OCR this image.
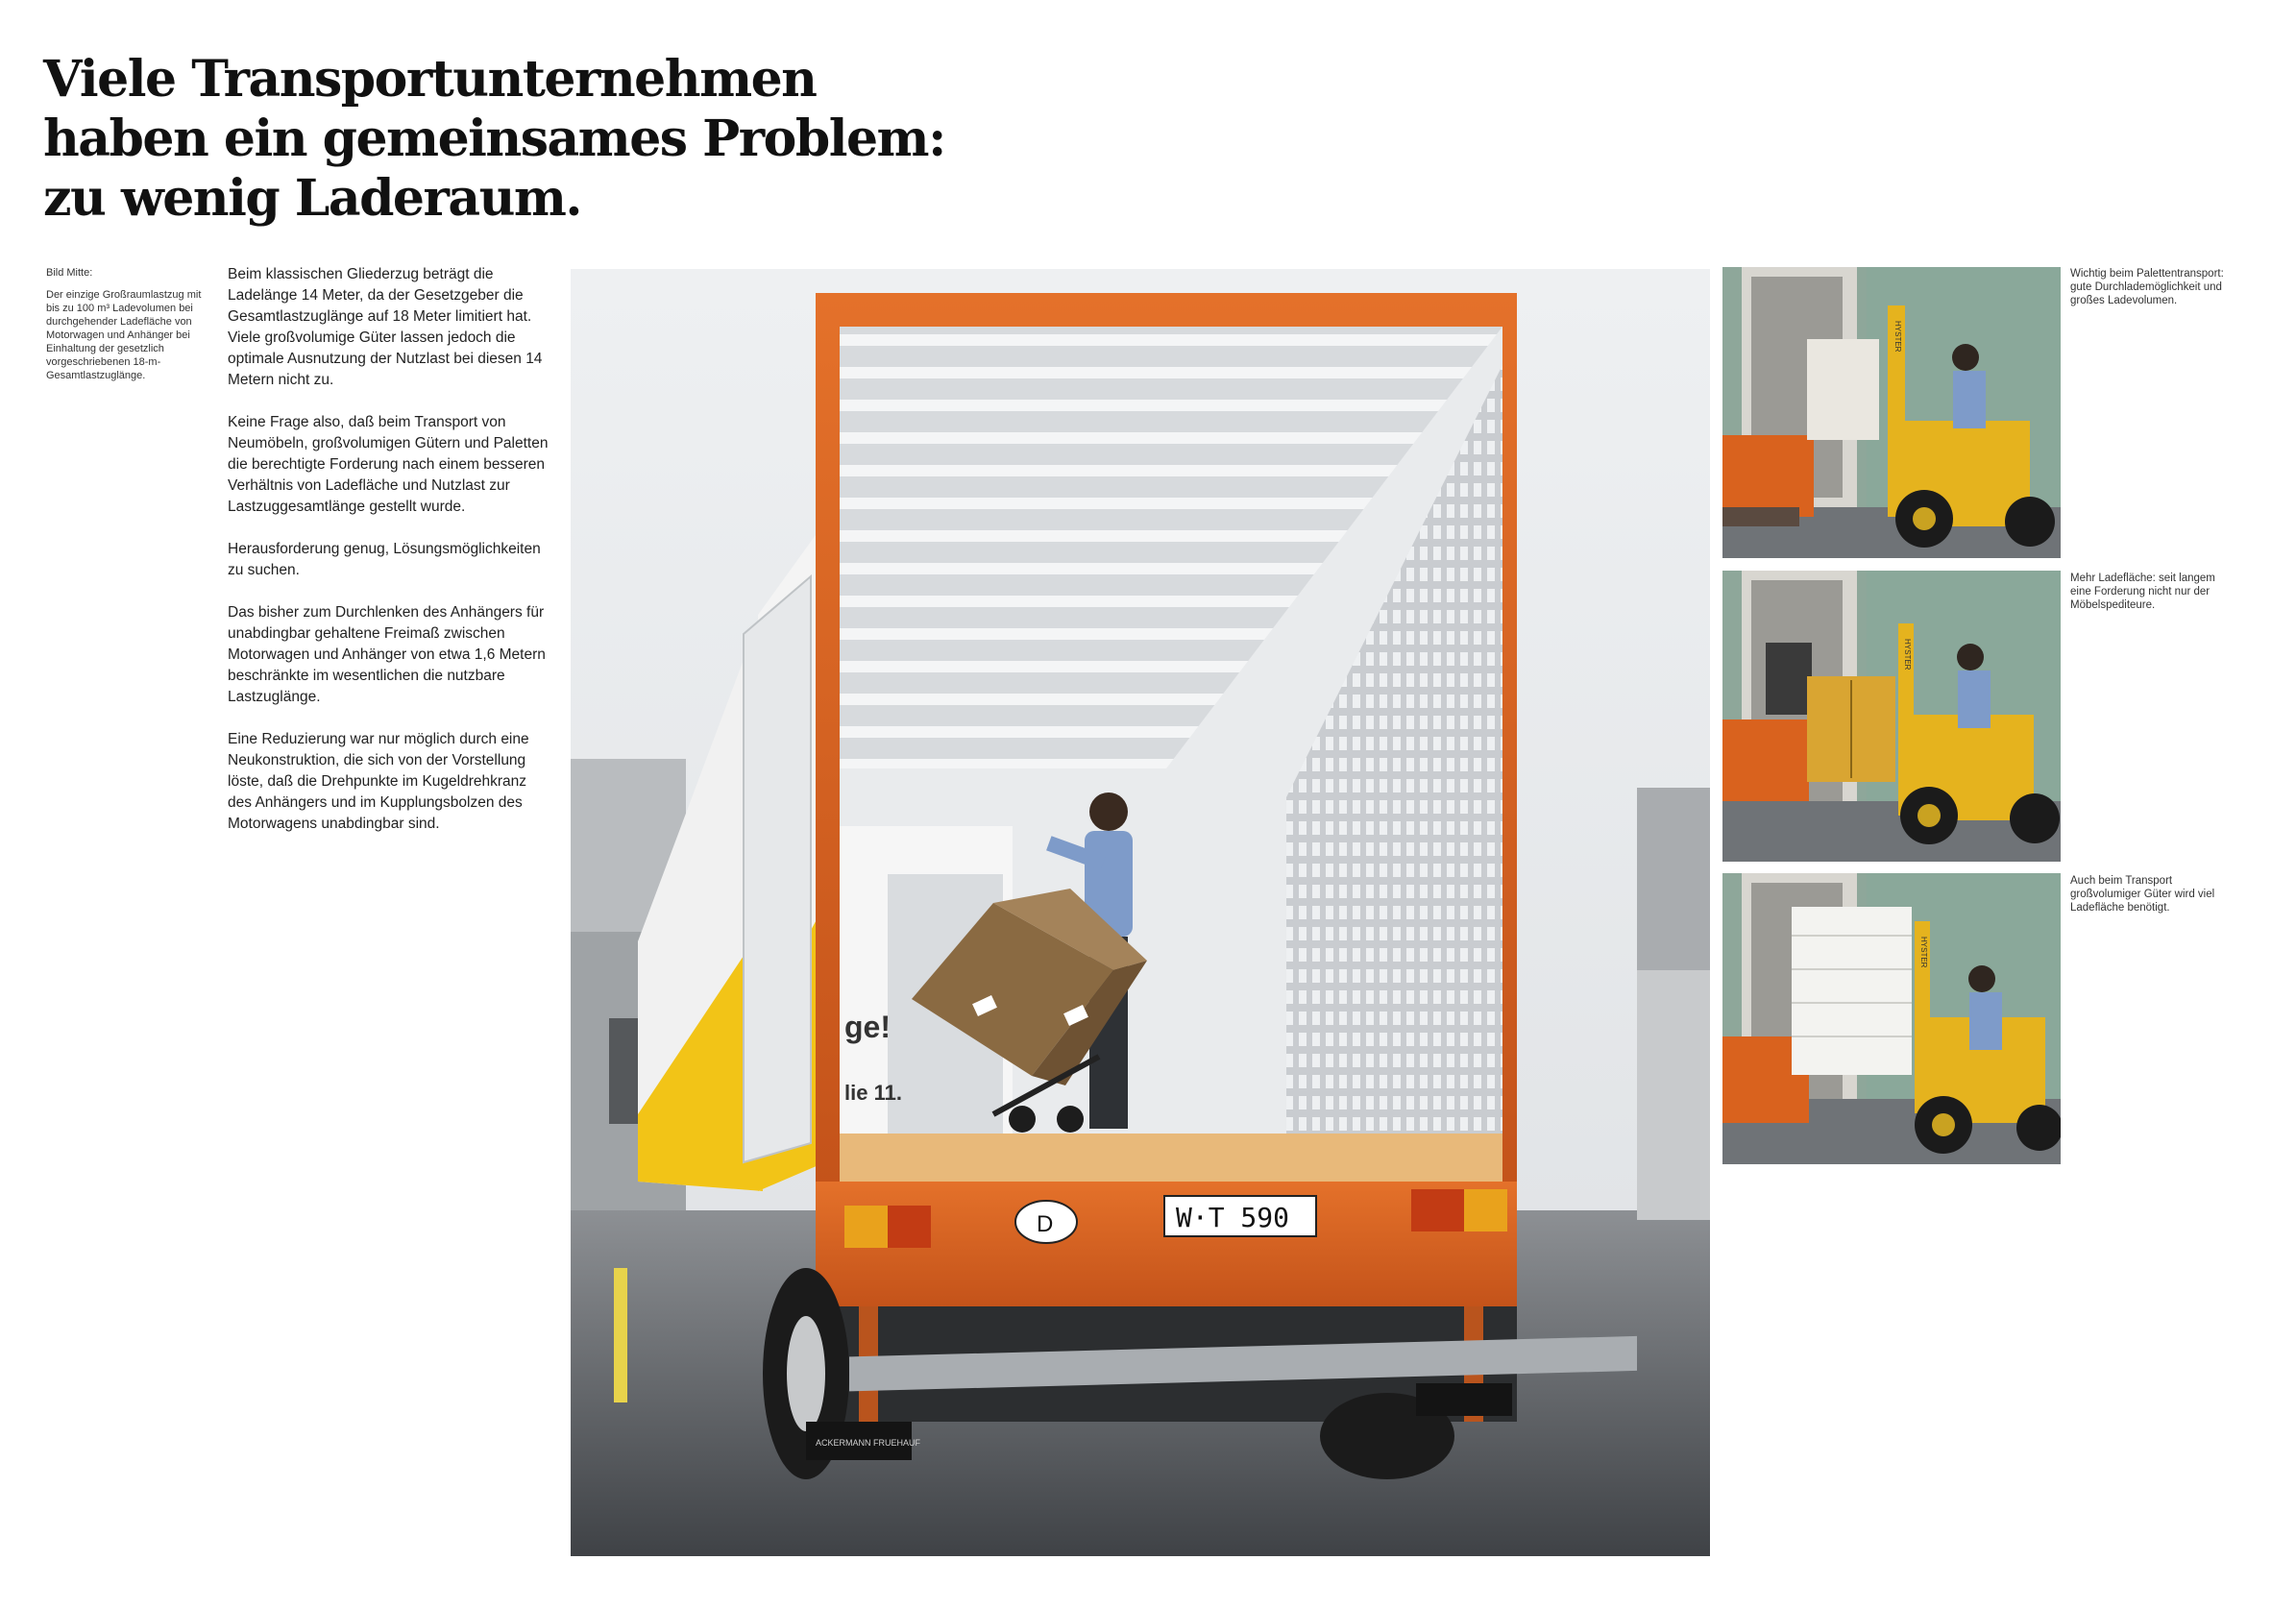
Viele Transportunternehmen
haben ein gemeinsames Problem:
zu wenig Laderaum.
Bild Mitte:
Der einzige Großraumlastzug mit bis zu 100 m³ Ladevolumen bei durchgehender Ladefläche von Motorwagen und Anhänger bei Einhaltung der gesetzlich vorgeschriebenen 18-m-Gesamtlastzuglänge.

Beim klassischen Gliederzug beträgt die Ladelänge 14 Meter, da der Gesetzgeber die Gesamtlastzuglänge auf 18 Meter limitiert hat. Viele großvolumige Güter lassen jedoch die optimale Ausnutzung der Nutzlast bei diesen 14 Metern nicht zu.

Keine Frage also, daß beim Transport von Neumöbeln, großvolumigen Gütern und Paletten die berechtigte Forderung nach einem besseren Verhältnis von Ladefläche und Nutzlast zur Lastzuggesamtlänge gestellt wurde.

Herausforderung genug, Lösungsmöglichkeiten zu suchen.

Das bisher zum Durchlenken des Anhängers für unabdingbar gehaltene Freimaß zwischen Motorwagen und Anhänger von etwa 1,6 Metern beschränkte im wesentlichen die nutzbare Lastzuglänge.

Eine Reduzierung war nur möglich durch eine Neukonstruktion, die sich von der Vorstellung löste, daß die Drehpunkte im Kugeldrehkranz des Anhängers und im Kupplungsbolzen des Motorwagens unabdingbar sind.

ge!
lie 11.
D	W·T 590
ACKERMANN FRUEHAUF
HYSTER
Wichtig beim Palettentransport: gute Durchlademöglichkeit und großes Ladevolumen.
HYSTER
Mehr Ladefläche: seit langem eine Forderung nicht nur der Möbelspediteure.
HYSTER
Auch beim Transport großvolumiger Güter wird viel Ladefläche benötigt.
